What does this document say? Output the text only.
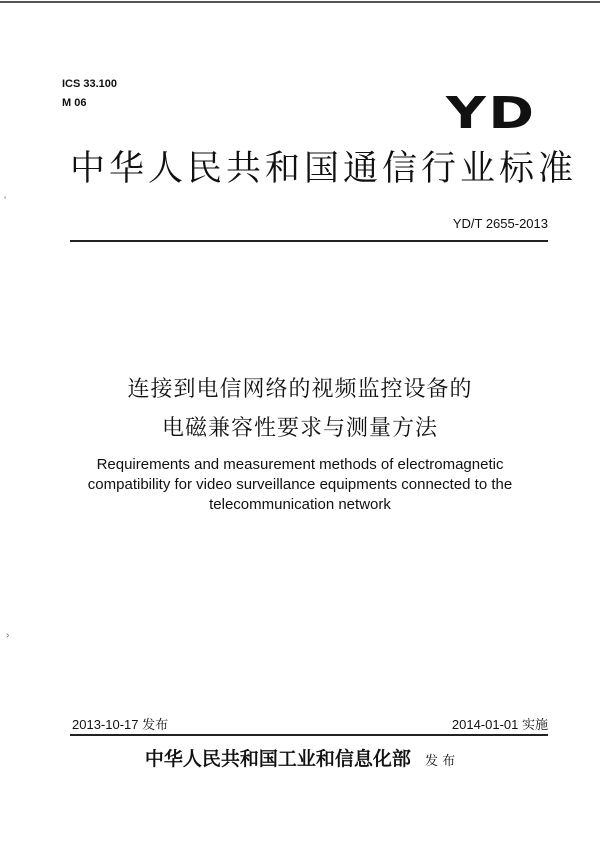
‘
›
ICS 33.100
M 06	YD
中华人民共和国通信行业标准
YD/T 2655-2013
连接到电信网络的视频监控设备的
电磁兼容性要求与测量方法
Requirements and measurement methods of electromagnetic
compatibility for video surveillance equipments connected to the
telecommunication network
2013-10-17 发布	2014-01-01 实施
中华人民共和国工业和信息化部 发 布
